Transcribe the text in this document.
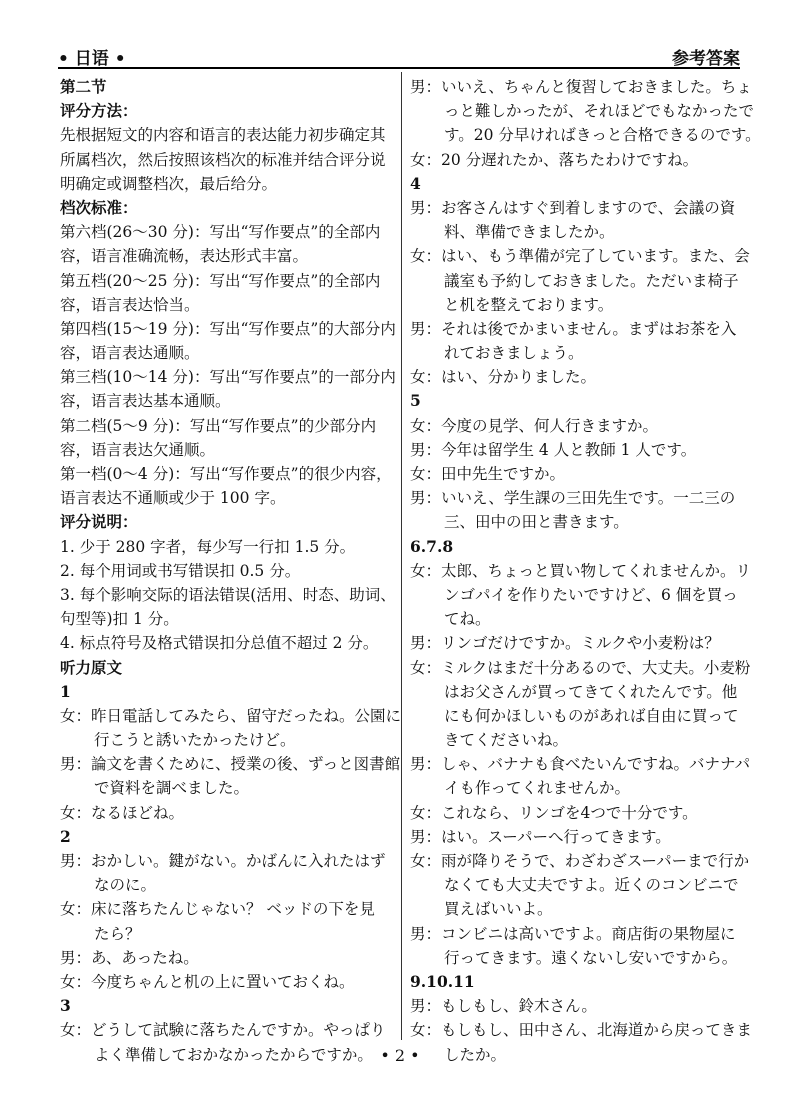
• 日语 •	参考答案
第二节
评分方法：
先根据短文的内容和语言的表达能力初步确定其
所属档次，然后按照该档次的标准并结合评分说
明确定或调整档次，最后给分。
档次标准：
第六档(26～30 分)：写出“写作要点”的全部内
容，语言准确流畅，表达形式丰富。
第五档(20～25 分)：写出“写作要点”的全部内
容，语言表达恰当。
第四档(15～19 分)：写出“写作要点”的大部分内
容，语言表达通顺。
第三档(10～14 分)：写出“写作要点”的一部分内
容，语言表达基本通顺。
第二档(5～9 分)：写出“写作要点”的少部分内
容，语言表达欠通顺。
第一档(0～4 分)：写出“写作要点”的很少内容，
语言表达不通顺或少于 100 字。
评分说明：
1. 少于 280 字者，每少写一行扣 1.5 分。
2. 每个用词或书写错误扣 0.5 分。
3. 每个影响交际的语法错误(活用、时态、助词、
句型等)扣 1 分。
4. 标点符号及格式错误扣分总值不超过 2 分。
听力原文
1
女：昨日電話してみたら、留守だったね。公園に
行こうと誘いたかったけど。
男：論文を書くために、授業の後、ずっと図書館
で資料を調べました。
女：なるほどね。
2
男：おかしい。鍵がない。かばんに入れたはず
なのに。
女：床に落ちたんじゃない？ ベッドの下を見
たら？
男：あ、あったね。
女：今度ちゃんと机の上に置いておくね。
3
女：どうして試験に落ちたんですか。やっぱり
よく準備しておかなかったからですか。
男：いいえ、ちゃんと復習しておきました。ちょ
っと難しかったが、それほどでもなかったで
す。20 分早ければきっと合格できるのです。
女：20 分遅れたか、落ちたわけですね。
4
男：お客さんはすぐ到着しますので、会議の資
料、準備できましたか。
女：はい、もう準備が完了しています。また、会
議室も予約しておきました。ただいま椅子
と机を整えております。
男：それは後でかまいません。まずはお茶を入
れておきましょう。
女：はい、分かりました。
5
女：今度の見学、何人行きますか。
男：今年は留学生 4 人と教師 1 人です。
女：田中先生ですか。
男：いいえ、学生課の三田先生です。一二三の
三、田中の田と書きます。
6.7.8
女：太郎、ちょっと買い物してくれませんか。リ
ンゴパイを作りたいですけど、6 個を買っ
てね。
男：リンゴだけですか。ミルクや小麦粉は？
女：ミルクはまだ十分あるので、大丈夫。小麦粉
はお父さんが買ってきてくれたんです。他
にも何かほしいものがあれば自由に買って
きてくださいね。
男：しゃ、バナナも食べたいんですね。バナナパ
イも作ってくれませんか。
女：これなら、リンゴを4つで十分です。
男：はい。スーパーへ行ってきます。
女：雨が降りそうで、わざわざスーパーまで行か
なくても大丈夫ですよ。近くのコンビニで
買えばいいよ。
男：コンビニは高いですよ。商店街の果物屋に
行ってきます。遠くないし安いですから。
9.10.11
男：もしもし、鈴木さん。
女：もしもし、田中さん、北海道から戻ってきま
したか。
• 2 •
